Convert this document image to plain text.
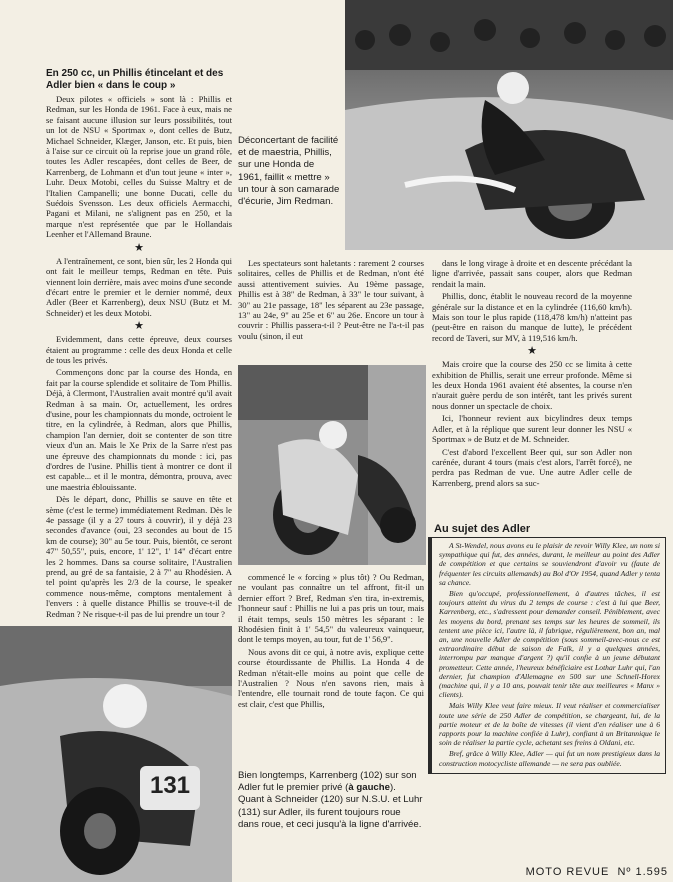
131
En 250 cc, un Phillis étincelant et des Adler bien « dans le coup »

Deux pilotes « officiels » sont là : Phillis et Redman, sur les Honda de 1961. Face à eux, mais ne se faisant aucune illusion sur leurs possibilités, tout un lot de NSU « Sportmax », dont celles de Butz, Michael Schneider, Klæger, Janson, etc. Et puis, bien à l'aise sur ce circuit où la reprise joue un grand rôle, toutes les Adler rescapées, dont celles de Beer, de Karrenberg, de Lohmann et d'un tout jeune « inter », Luhr. Deux Motobi, celles du Suisse Maltry et de l'Italien Campanelli; une bonne Ducati, celle du Suédois Svensson. Les deux officiels Aermacchi, Pagani et Milani, ne s'alignent pas en 250, et la marque n'est représentée que par le Hollandais Leenher et l'Allemand Braune.

★

A l'entraînement, ce sont, bien sûr, les 2 Honda qui ont fait le meilleur temps, Redman en tête. Puis viennent loin derrière, mais avec moins d'une seconde d'écart entre le premier et le dernier nommé, deux Adler (Beer et Karrenberg), deux NSU (Butz et M. Schneider) et les deux Motobi.

★

Evidemment, dans cette épreuve, deux courses étaient au programme : celle des deux Honda et celle de tous les privés.

Commençons donc par la course des Honda, en fait par la course splendide et solitaire de Tom Phillis. Déjà, à Clermont, l'Australien avait montré qu'il avait Redman à sa main. Or, actuellement, les ordres d'usine, pour les championnats du monde, octroient le titre, en la cylindrée, à Redman, alors que Phillis, champion l'an dernier, doit se contenter de son titre vieux d'un an. Mais le Xe Prix de la Sarre n'est pas une épreuve des championnats du monde : ici, pas d'ordres de l'usine. Phillis tient à montrer ce dont il est capable... et il le montra, démontra, prouva, avec une maestria éblouissante.

Dès le départ, donc, Phillis se sauve en tête et sème (c'est le terme) immédiatement Redman. Dès le 4e passage (il y a 27 tours à couvrir), il y déjà 23 secondes d'avance (oui, 23 secondes au bout de 15 km de course); 30" au 5e tour. Puis, bientôt, ce seront 47" 50,55", puis, encore, 1' 12", 1' 14" d'écart entre les 2 hommes. Dans sa course solitaire, l'Australien prend, au gré de sa fantaisie, 2 à 7" au Rhodésien. A tel point qu'après les 2/3 de la course, le speaker commence nous-même, comptons mentalement à l'envers : à quelle distance Phillis se trouve-t-il de Redman ? Ne risque-t-il pas de lui prendre un tour ?

Déconcertant de facilité et de maestria, Phillis, sur une Honda de 1961, faillit « mettre » un tour à son camarade d'écurie, Jim Redman.

Les spectateurs sont haletants : rarement 2 courses solitaires, celles de Phillis et de Redman, n'ont été aussi attentivement suivies. Au 19ème passage, Phillis est à 38" de Redman, à 33" le tour suivant, à 30" au 21e passage, 18" les séparent au 23e passage, 13" au 24e, 9" au 25e et 6" au 26e. Encore un tour à couvrir : Phillis passera-t-il ? Peut-être ne l'a-t-il pas voulu (sinon, il eut

commencé le « forcing » plus tôt) ? Ou Redman, ne voulant pas connaître un tel affront, fit-il un dernier effort ? Bref, Redman s'en tira, in-extremis, l'honneur sauf : Phillis ne lui a pas pris un tour, mais il était temps, seuls 150 mètres les séparant : le Rhodésien finit à 1' 54,5" du valeureux vainqueur, dont le temps moyen, au tour, fut de 1' 56,9".

Nous avons dit ce qui, à notre avis, explique cette course étourdissante de Phillis. La Honda 4 de Redman n'était-elle moins au point que celle de l'Australien ? Nous n'en savons rien, mais à l'entendre, elle tournait rond de toute façon. Ce qui est clair, c'est que Phillis,

Bien longtemps, Karrenberg (102) sur son Adler fut le premier privé (à gauche). Quant à Schneider (120) sur N.S.U. et Luhr (131) sur Adler, ils furent toujours roue dans roue, et ceci jusqu'à la ligne d'arrivée.

dans le long virage à droite et en descente précédant la ligne d'arrivée, passait sans couper, alors que Redman rendait la main.

Phillis, donc, établit le nouveau record de la moyenne générale sur la distance et en la cylindrée (116,60 km/h). Mais son tour le plus rapide (118,478 km/h) n'atteint pas (peut-être en raison du manque de lutte), le précédent record de Taveri, sur MV, à 119,516 km/h.

★

Mais croire que la course des 250 cc se limita à cette exhibition de Phillis, serait une erreur profonde. Même si les deux Honda 1961 avaient été absentes, la course n'en n'aurait guère perdu de son intérêt, tant les privés surent nous donner un spectacle de choix.

Ici, l'honneur revient aux bicylindres deux temps Adler, et à la réplique que surent leur donner les NSU « Sportmax » de Butz et de M. Schneider.

C'est d'abord l'excellent Beer qui, sur son Adler non carénée, durant 4 tours (mais c'est alors, l'arrêt forcé), ne perdra pas Redman de vue. Une autre Adler celle de Karrenberg, prend alors sa suc-

Au sujet des Adler

A St-Wendel, nous avons eu le plaisir de revoir Willy Klee, un nom si sympathique qui fut, des années, durant, le meilleur au point des Adler de compétition et que certains se souviendront d'avoir vu (faute de fréquenter les circuits allemands) au Bol d'Or 1954, quand Adler y tenta sa chance.

Bien qu'occupé, professionnellement, à d'autres tâches, il est toujours atteint du virus du 2 temps de course : c'est à lui que Beer, Karrenberg, etc., s'adressent pour demander conseil. Péniblement, avec les moyens du bord, prenant ses temps sur les heures de sommeil, ils tentent une pièce ici, l'autre là, il fabrique, régulièrement, bon an, mal an, une nouvelle Adler de compétition (sous sommeil-avec-nous ce est extraordinaire début de saison de Falk, il y a quelques années, interrompu par manque d'argent ?) qu'il confie à un jeune débutant prometteur. Cette année, l'heureux bénéficiaire est Lothar Luhr qui, l'an dernier, fut champion d'Allemagne en 500 sur une Schnell-Horex (machine qui, il y a 10 ans, pouvait tenir tête aux meilleures « Manx » clients).

Mais Willy Klee veut faire mieux. Il veut réaliser et commercialiser toute une série de 250 Adler de compétition, se chargeant, lui, de la partie moteur et de la boîte de vitesses (il vient d'en réaliser une à 6 rapports pour la machine confiée à Luhr), confiant à un Britannique le soin de réaliser la partie cycle, achetant ses freins à Oldani, etc.

Bref, grâce à Willy Klee, Adler — qui fut un nom prestigieux dans la construction motocycliste allemande — ne sera pas oubliée.

MOTO REVUE  Nº 1.595
